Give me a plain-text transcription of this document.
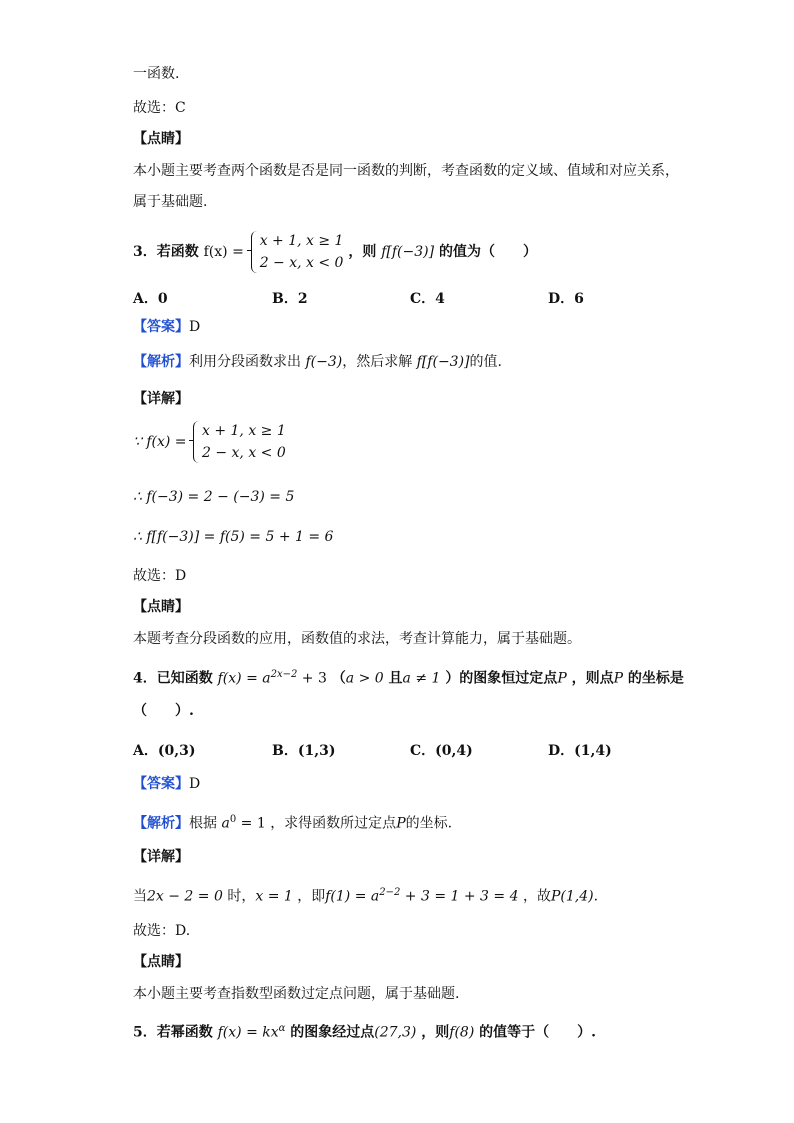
一函数.
故选：C
【点睛】
本小题主要考查两个函数是否是同一函数的判断，考查函数的定义域、值域和对应关系，
属于基础题.
3．若函数 f(x) =
x + 1, x ≥ 1
2 − x, x < 0
，则 f[f(−3)] 的值为（　　）
A．0	B．2	C．4	D．6
【答案】D
【解析】利用分段函数求出 f(−3)，然后求解 f[f(−3)]的值.
【详解】
∵ f(x) =
x + 1, x ≥ 1
2 − x, x < 0
∴ f(−3) = 2 − (−3) = 5
∴ f[f(−3)] = f(5) = 5 + 1 = 6
故选：D
【点睛】
本题考查分段函数的应用，函数值的求法，考查计算能力，属于基础题。
4．已知函数 $f(x) = a^{2x-2} + 3$ （a > 0 且a ≠ 1 ）的图象恒过定点P ，则点P 的坐标是
（　　）.
A．(0,3)	B．(1,3)	C．(0,4)	D．(1,4)
【答案】D
【解析】根据 $a^0 = 1$ ，求得函数所过定点P的坐标.
【详解】
当2x − 2 = 0 时，x = 1 ，即$f(1) = a^{2-2} + 3 = 1 + 3 = 4$ ，故P(1,4).
故选：D.
【点睛】
本小题主要考查指数型函数过定点问题，属于基础题.
5．若幂函数 $f(x) = kx^\alpha$ 的图象经过点(27,3) ，则f(8) 的值等于（　　）.
